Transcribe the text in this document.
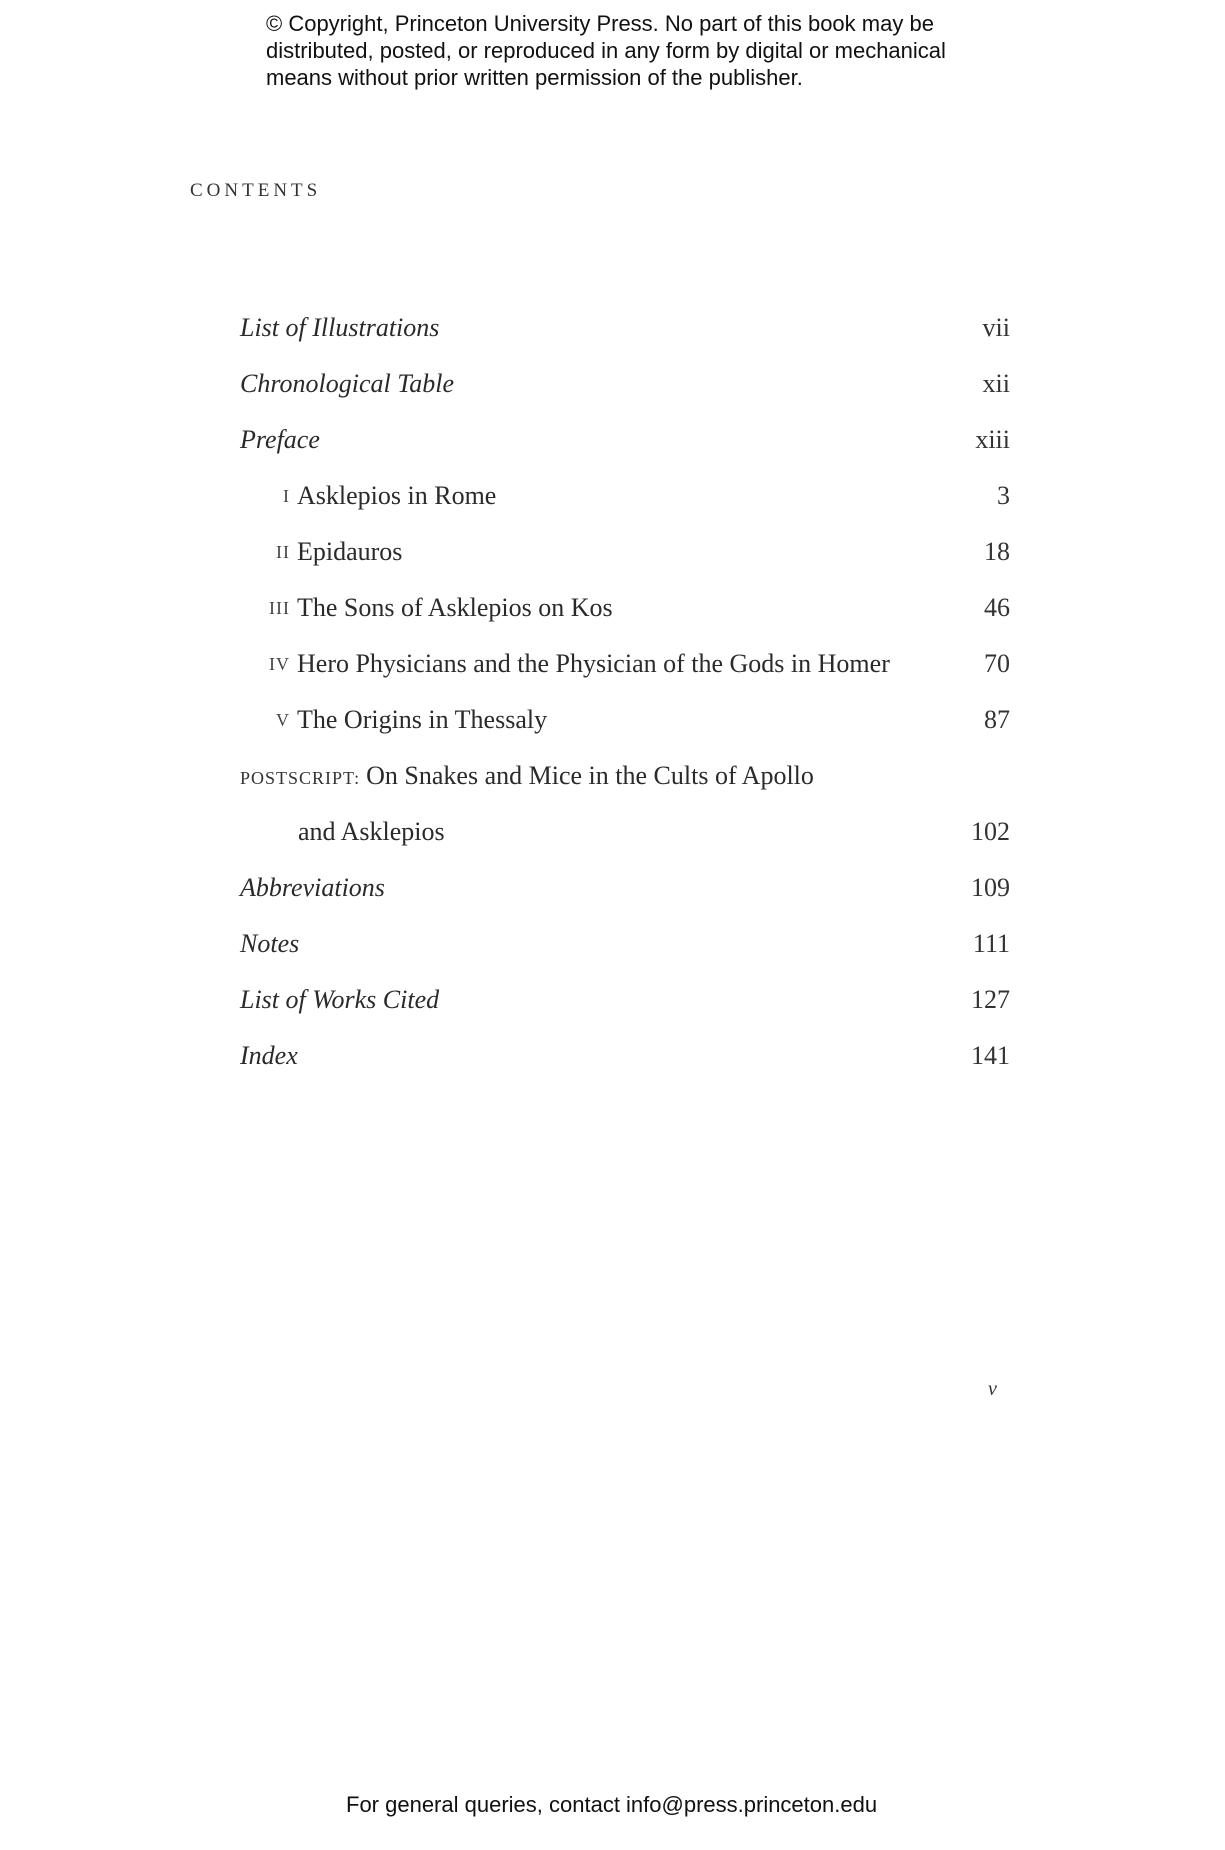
© Copyright, Princeton University Press. No part of this book may be
distributed, posted, or reproduced in any form by digital or mechanical
means without prior written permission of the publisher.
CONTENTS
List of Illustrations	vii
Chronological Table	xii
Preface	xiii
I Asklepios in Rome	3
II Epidauros	18
III The Sons of Asklepios on Kos	46
IV Hero Physicians and the Physician of the Gods in Homer	70
V The Origins in Thessaly	87
POSTSCRIPT: On Snakes and Mice in the Cults of Apollo
and Asklepios	102
Abbreviations	109
Notes	111
List of Works Cited	127
Index	141
v
For general queries, contact info@press.princeton.edu
